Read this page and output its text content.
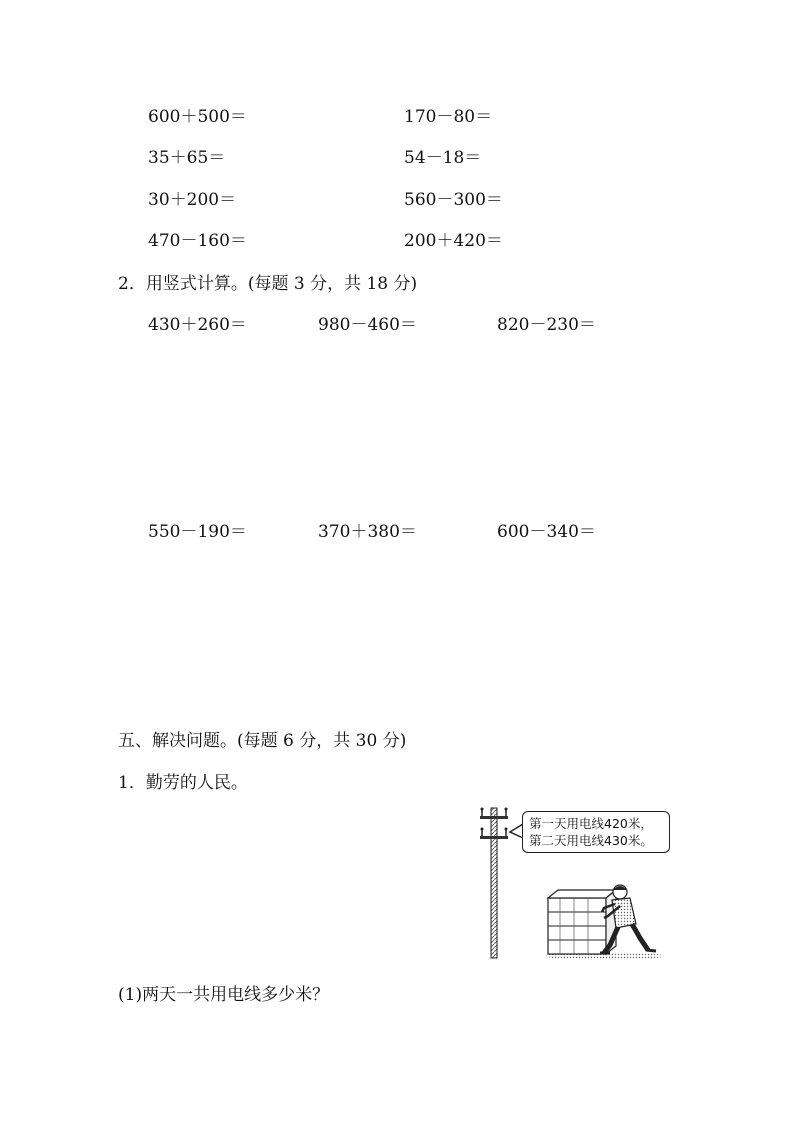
600＋500＝	170－80＝
35＋65＝	54－18＝
30＋200＝	560－300＝
470－160＝	200＋420＝
2．用竖式计算。(每题 3 分，共 18 分)
430＋260＝	980－460＝	820－230＝
550－190＝	370＋380＝	600－340＝
五、解决问题。(每题 6 分，共 30 分)
1．勤劳的人民。
第一天用电线420米，
第二天用电线430米。
(1)两天一共用电线多少米？
